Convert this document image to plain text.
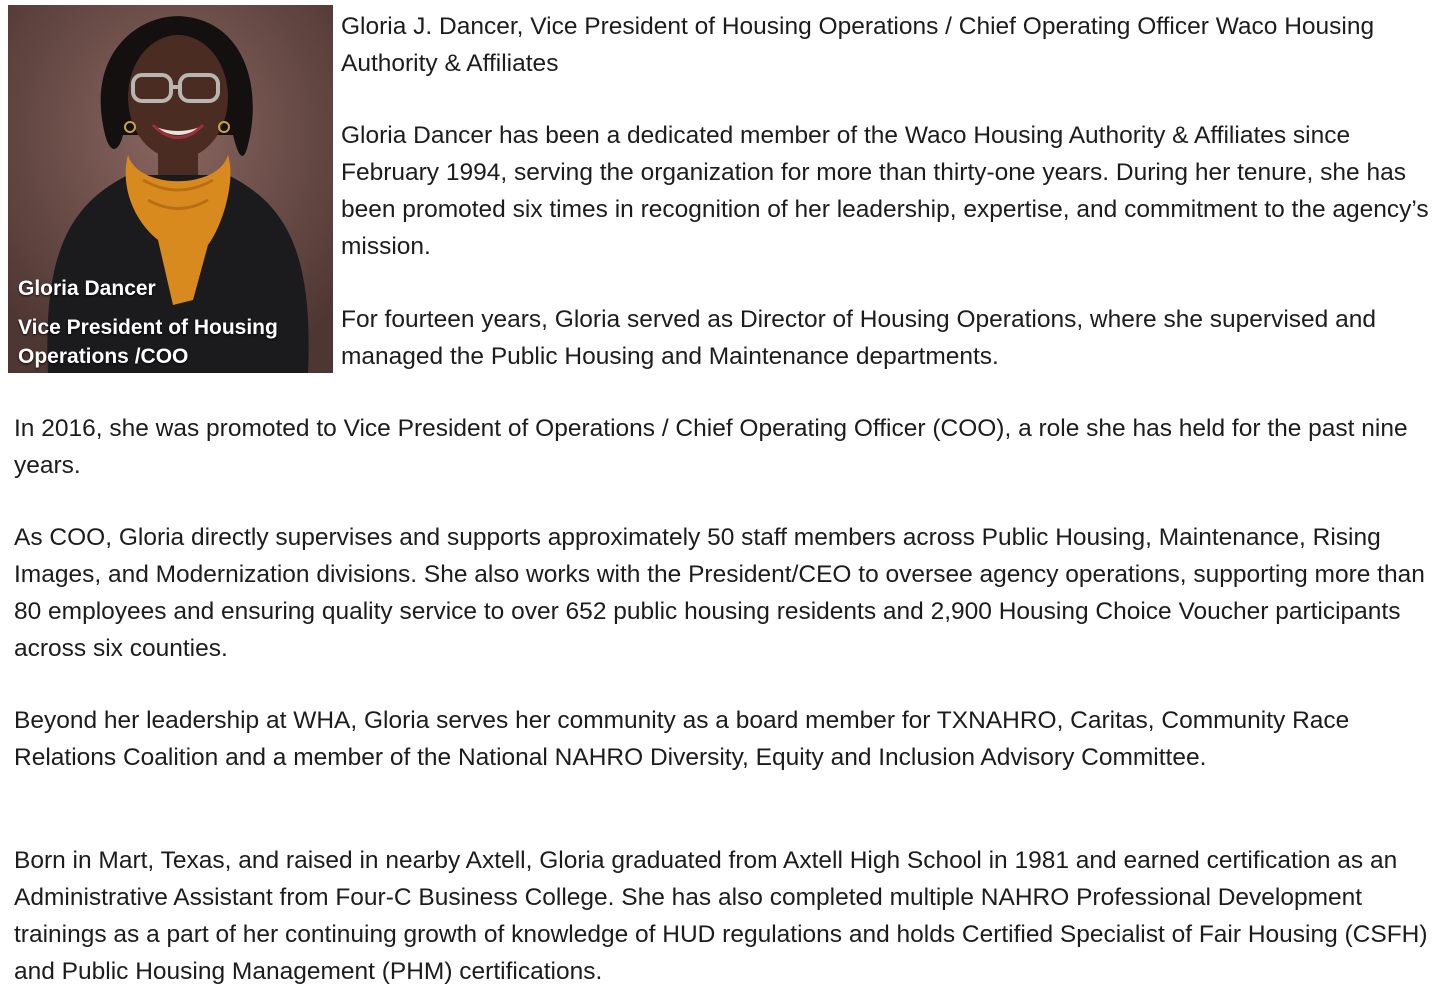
Gloria Dancer
Vice President of Housing Operations /COO

Gloria J. Dancer, Vice President of Housing Operations / Chief Operating Officer Waco Housing Authority & Affiliates

Gloria Dancer has been a dedicated member of the Waco Housing Authority & Affiliates since February 1994, serving the organization for more than thirty-one years. During her tenure, she has been promoted six times in recognition of her leadership, expertise, and commitment to the agency’s mission.

For fourteen years, Gloria served as Director of Housing Operations, where she supervised and managed the Public Housing and Maintenance departments.

In 2016, she was promoted to Vice President of Operations / Chief Operating Officer (COO), a role she has held for the past nine years.

As COO, Gloria directly supervises and supports approximately 50 staff members across Public Housing, Maintenance, Rising Images, and Modernization divisions. She also works with the President/CEO to oversee agency operations, supporting more than 80 employees and ensuring quality service to over 652 public housing residents and 2,900 Housing Choice Voucher participants across six counties.

Beyond her leadership at WHA, Gloria serves her community as a board member for TXNAHRO, Caritas, Community Race Relations Coalition and a member of the National NAHRO Diversity, Equity and Inclusion Advisory Committee.

Born in Mart, Texas, and raised in nearby Axtell, Gloria graduated from Axtell High School in 1981 and earned certification as an Administrative Assistant from Four-C Business College. She has also completed multiple NAHRO Professional Development trainings as a part of her continuing growth of knowledge of HUD regulations and holds Certified Specialist of Fair Housing (CSFH) and Public Housing Management (PHM) certifications.
